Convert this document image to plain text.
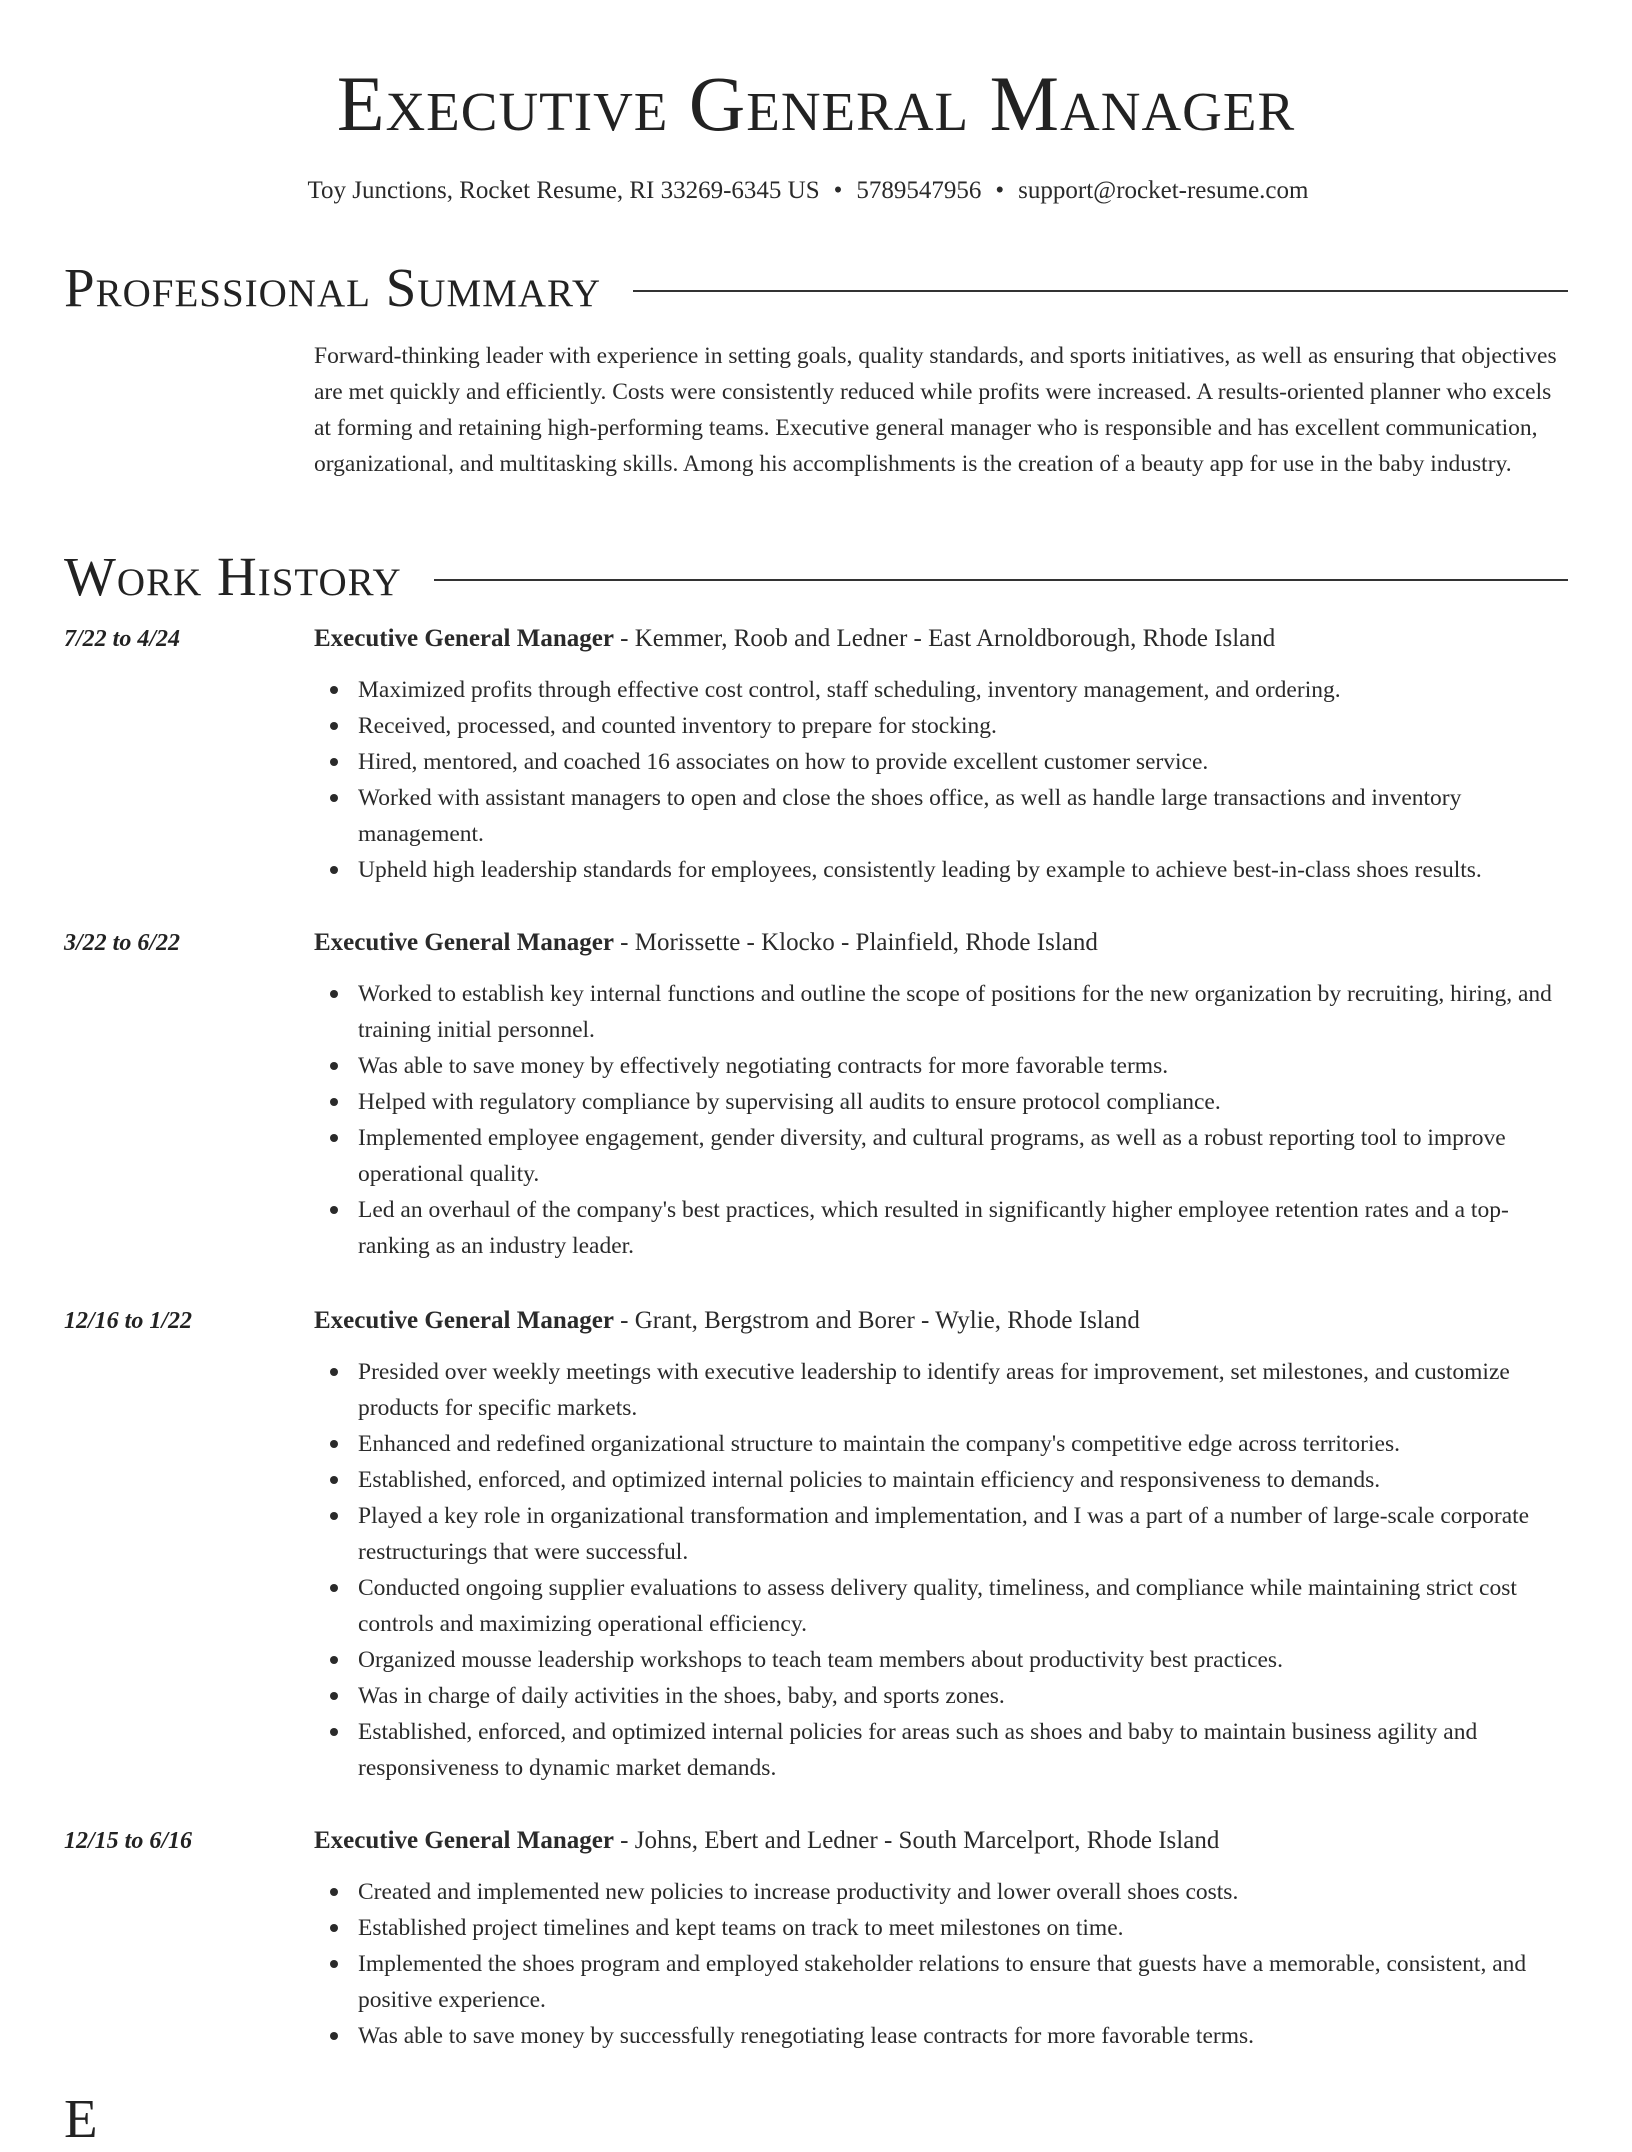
Executive General Manager
Toy Junctions, Rocket Resume, RI 33269-6345 US • 5789547956 • support@rocket-resume.com
Professional Summary

Forward-thinking leader with experience in setting goals, quality standards, and sports initiatives, as well as ensuring that objectives are met quickly and efficiently. Costs were consistently reduced while profits were increased. A results-oriented planner who excels at forming and retaining high-performing teams. Executive general manager who is responsible and has excellent communication, organizational, and multitasking skills. Among his accomplishments is the creation of a beauty app for use in the baby industry.

Work History
7/22 to 4/24	Executive General Manager - Kemmer, Roob and Ledner - East Arnoldborough, Rhode Island
Maximized profits through effective cost control, staff scheduling, inventory management, and ordering.
Received, processed, and counted inventory to prepare for stocking.
Hired, mentored, and coached 16 associates on how to provide excellent customer service.
Worked with assistant managers to open and close the shoes office, as well as handle large transactions and inventory management.
Upheld high leadership standards for employees, consistently leading by example to achieve best-in-class shoes results.
3/22 to 6/22	Executive General Manager - Morissette - Klocko - Plainfield, Rhode Island
Worked to establish key internal functions and outline the scope of positions for the new organization by recruiting, hiring, and training initial personnel.
Was able to save money by effectively negotiating contracts for more favorable terms.
Helped with regulatory compliance by supervising all audits to ensure protocol compliance.
Implemented employee engagement, gender diversity, and cultural programs, as well as a robust reporting tool to improve operational quality.
Led an overhaul of the company's best practices, which resulted in significantly higher employee retention rates and a top-ranking as an industry leader.
12/16 to 1/22	Executive General Manager - Grant, Bergstrom and Borer - Wylie, Rhode Island
Presided over weekly meetings with executive leadership to identify areas for improvement, set milestones, and customize products for specific markets.
Enhanced and redefined organizational structure to maintain the company's competitive edge across territories.
Established, enforced, and optimized internal policies to maintain efficiency and responsiveness to demands.
Played a key role in organizational transformation and implementation, and I was a part of a number of large-scale corporate restructurings that were successful.
Conducted ongoing supplier evaluations to assess delivery quality, timeliness, and compliance while maintaining strict cost controls and maximizing operational efficiency.
Organized mousse leadership workshops to teach team members about productivity best practices.
Was in charge of daily activities in the shoes, baby, and sports zones.
Established, enforced, and optimized internal policies for areas such as shoes and baby to maintain business agility and responsiveness to dynamic market demands.
12/15 to 6/16	Executive General Manager - Johns, Ebert and Ledner - South Marcelport, Rhode Island
Created and implemented new policies to increase productivity and lower overall shoes costs.
Established project timelines and kept teams on track to meet milestones on time.
Implemented the shoes program and employed stakeholder relations to ensure that guests have a memorable, consistent, and positive experience.
Was able to save money by successfully renegotiating lease contracts for more favorable terms.
E
